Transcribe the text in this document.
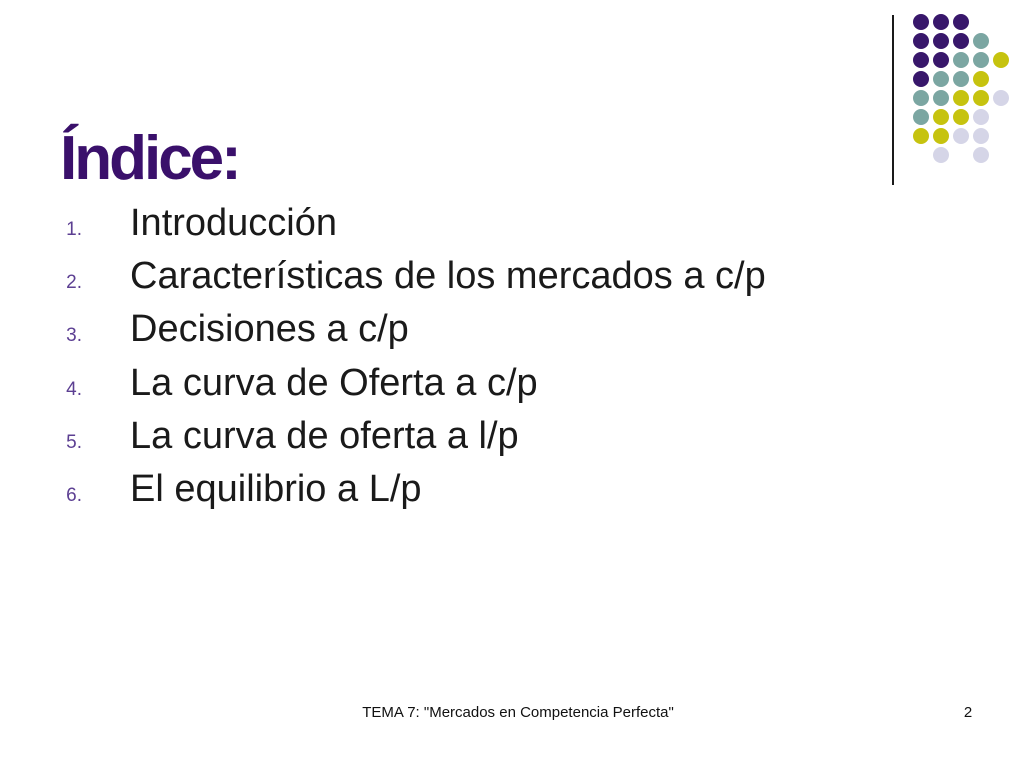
Índice:
1. Introducción
2. Características de los mercados a c/p
3. Decisiones a c/p
4. La curva de Oferta a c/p
5. La curva de oferta a l/p
6. El equilibrio a L/p
TEMA 7: "Mercados en Competencia Perfecta"	2
